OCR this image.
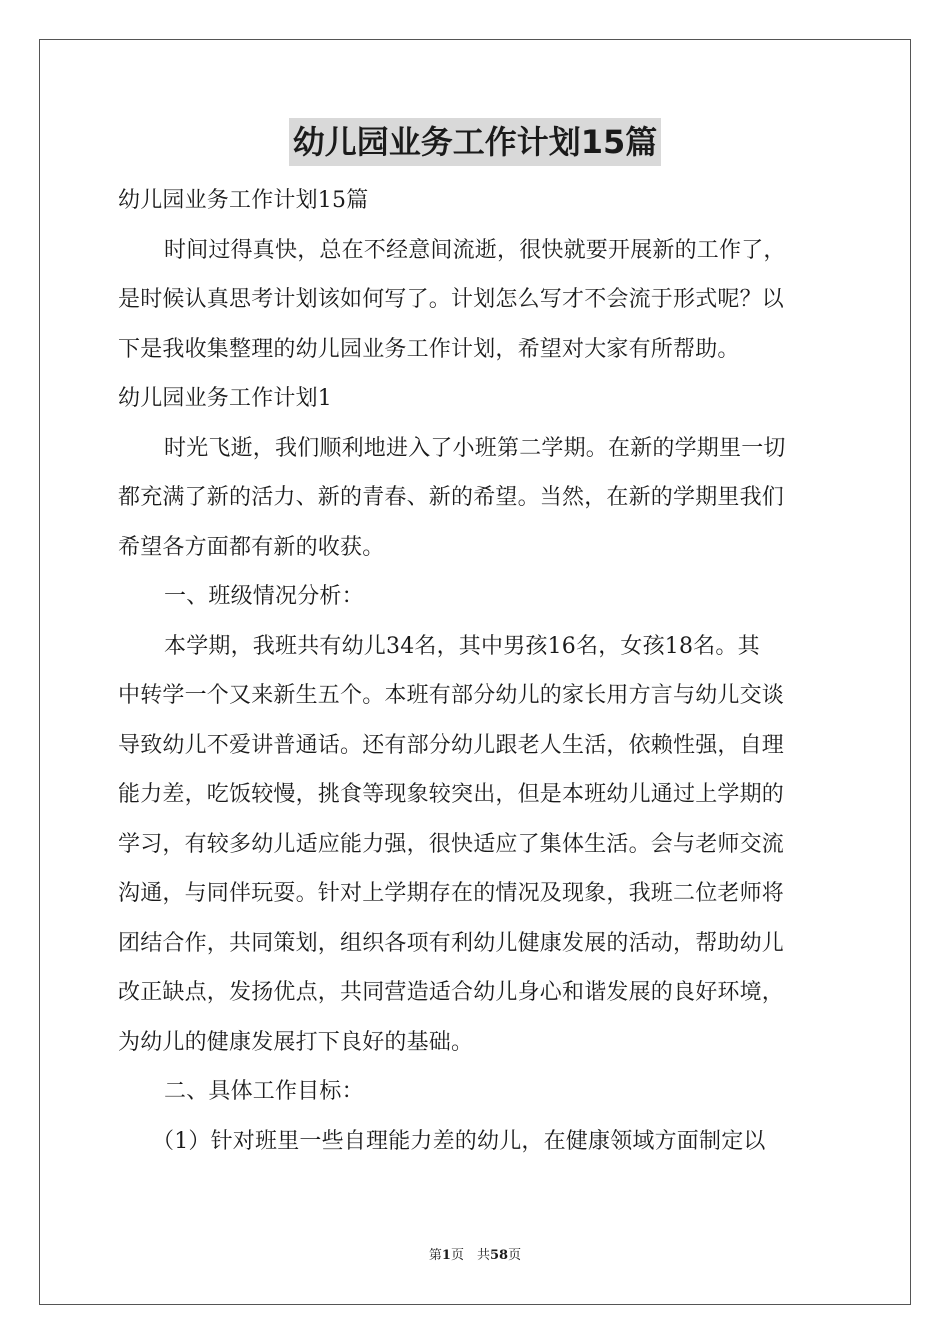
幼儿园业务工作计划15篇
幼儿园业务工作计划15篇
时间过得真快，总在不经意间流逝，很快就要开展新的工作了，
是时候认真思考计划该如何写了。计划怎么写才不会流于形式呢？以
下是我收集整理的幼儿园业务工作计划，希望对大家有所帮助。
幼儿园业务工作计划1
时光飞逝，我们顺利地进入了小班第二学期。在新的学期里一切
都充满了新的活力、新的青春、新的希望。当然，在新的学期里我们
希望各方面都有新的收获。
一、班级情况分析：
本学期，我班共有幼儿34名，其中男孩16名，女孩18名。其
中转学一个又来新生五个。本班有部分幼儿的家长用方言与幼儿交谈
导致幼儿不爱讲普通话。还有部分幼儿跟老人生活，依赖性强，自理
能力差，吃饭较慢，挑食等现象较突出，但是本班幼儿通过上学期的
学习，有较多幼儿适应能力强，很快适应了集体生活。会与老师交流
沟通，与同伴玩耍。针对上学期存在的情况及现象，我班二位老师将
团结合作，共同策划，组织各项有利幼儿健康发展的活动，帮助幼儿
改正缺点，发扬优点，共同营造适合幼儿身心和谐发展的良好环境，
为幼儿的健康发展打下良好的基础。
二、具体工作目标：
（1）针对班里一些自理能力差的幼儿，在健康领域方面制定以
第1页　共58页
